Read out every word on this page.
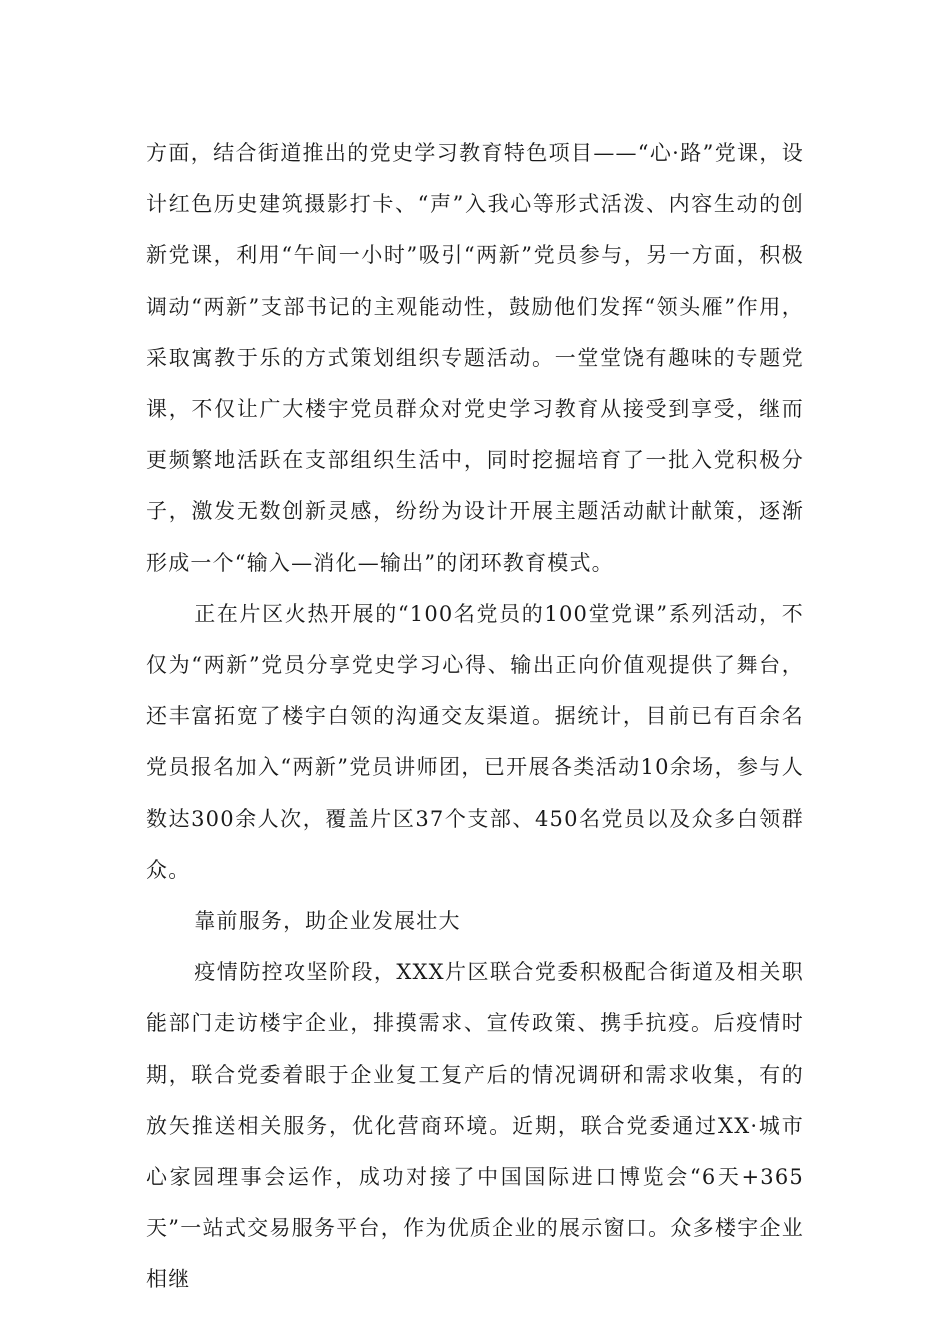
方面，结合街道推出的党史学习教育特色项目——“心·路”党课，设计红色历史建筑摄影打卡、“声”入我心等形式活泼、内容生动的创新党课，利用“午间一小时”吸引“两新”党员参与，另一方面，积极调动“两新”支部书记的主观能动性，鼓励他们发挥“领头雁”作用，采取寓教于乐的方式策划组织专题活动。一堂堂饶有趣味的专题党课，不仅让广大楼宇党员群众对党史学习教育从接受到享受，继而更频繁地活跃在支部组织生活中，同时挖掘培育了一批入党积极分子，激发无数创新灵感，纷纷为设计开展主题活动献计献策，逐渐形成一个“输入—消化—输出”的闭环教育模式。

正在片区火热开展的“100名党员的100堂党课”系列活动，不仅为“两新”党员分享党史学习心得、输出正向价值观提供了舞台，还丰富拓宽了楼宇白领的沟通交友渠道。据统计，目前已有百余名党员报名加入“两新”党员讲师团，已开展各类活动10余场，参与人数达300余人次，覆盖片区37个支部、450名党员以及众多白领群众。

靠前服务，助企业发展壮大

疫情防控攻坚阶段，XXX片区联合党委积极配合街道及相关职能部门走访楼宇企业，排摸需求、宣传政策、携手抗疫。后疫情时期，联合党委着眼于企业复工复产后的情况调研和需求收集，有的放矢推送相关服务，优化营商环境。近期，联合党委通过XX·城市心家园理事会运作，成功对接了中国国际进口博览会“6天+365天”一站式交易服务平台，作为优质企业的展示窗口。众多楼宇企业相继
